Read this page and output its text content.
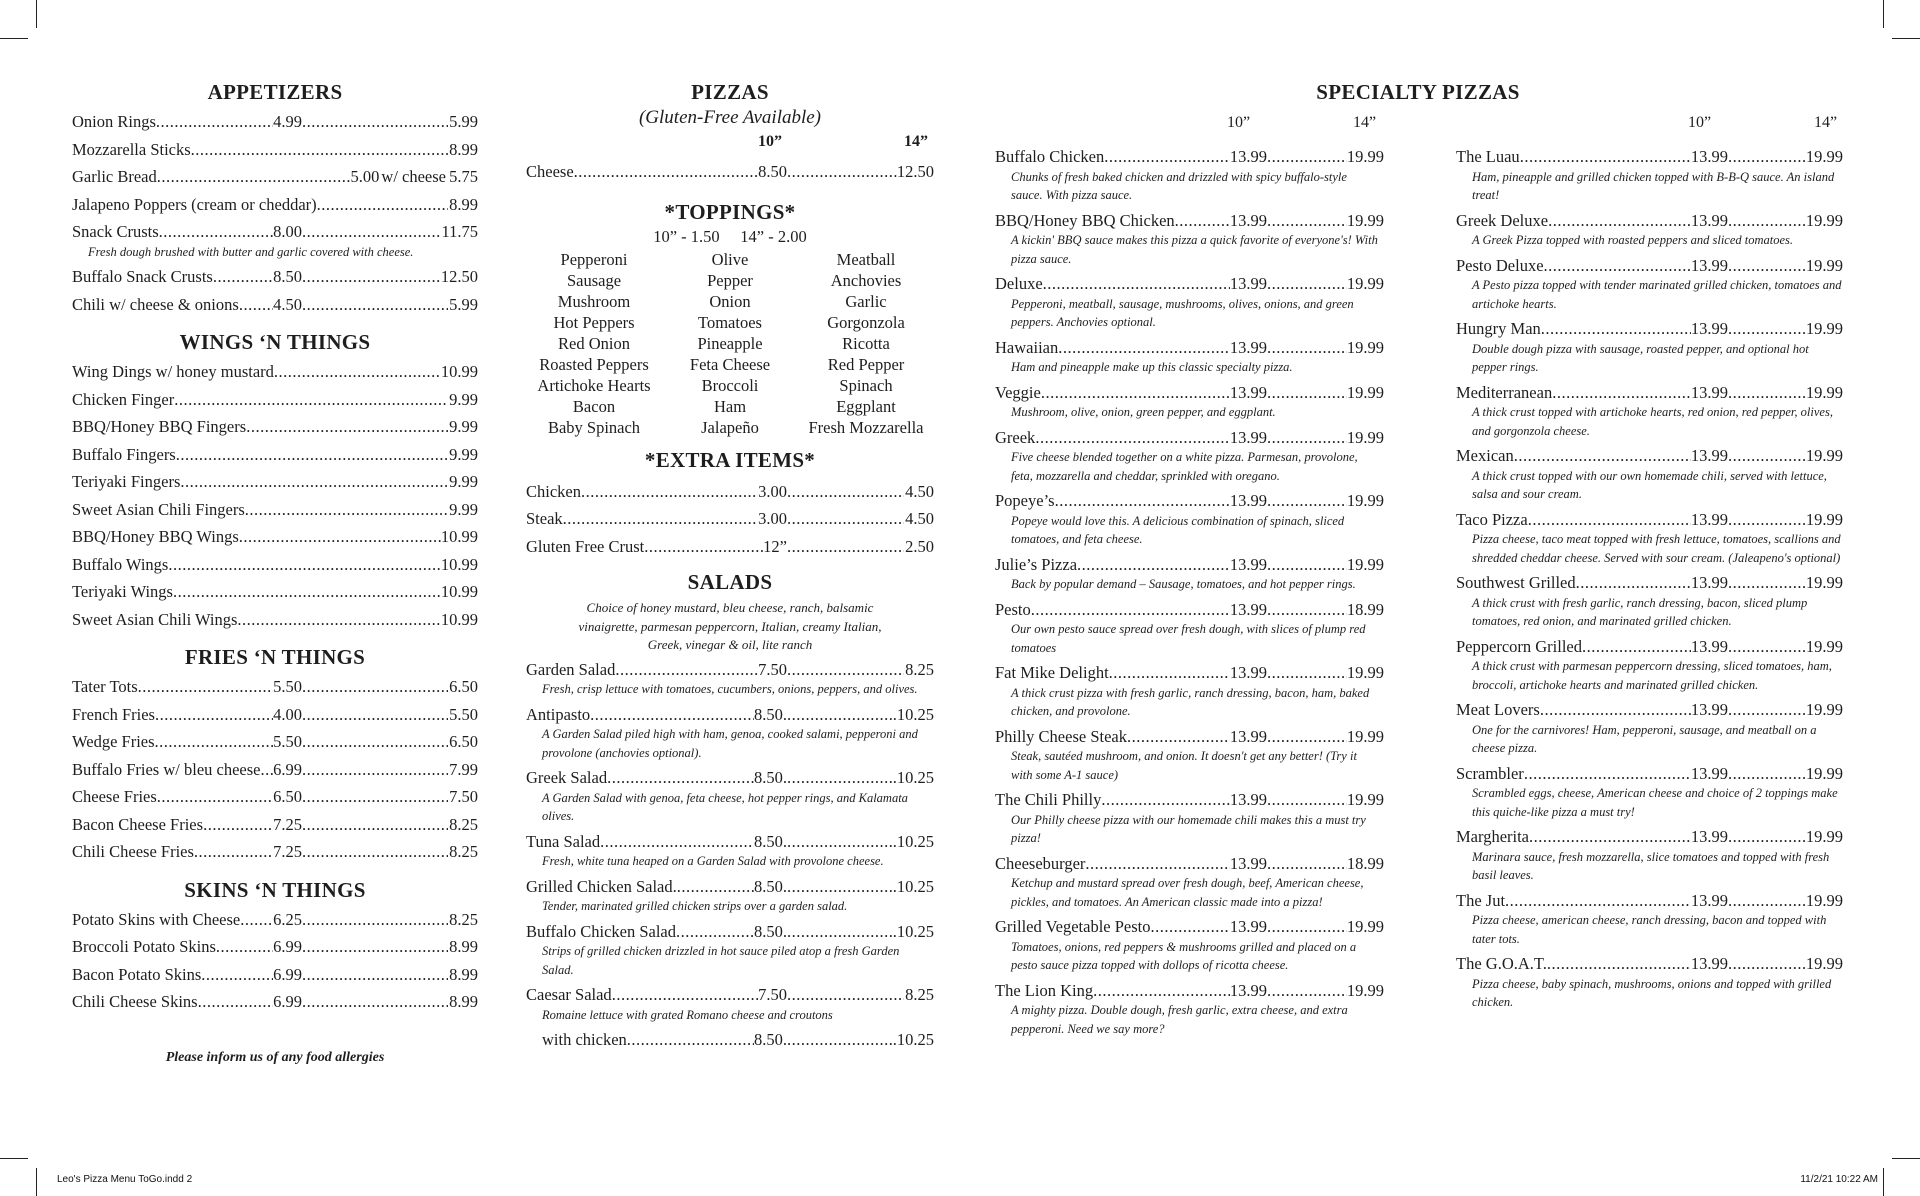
Leo's Pizza Menu ToGo.indd 2	11/2/21 10:22 AM
APPETIZERS
Onion Rings .....	4.99 .....	5.99
Mozzarella Sticks .....	8.99
Garlic Bread .....	5.00 w/ cheese 5.75
Jalapeno Poppers (cream or cheddar) .....	8.99
Snack Crusts .....	8.00 .....	11.75
Fresh dough brushed with butter and garlic covered with cheese.
Buffalo Snack Crusts .....	8.50 .....	12.50
Chili w/ cheese & onions ..... 4.50 .....	5.99
WINGS ‘N THINGS
Wing Dings w/ honey mustard .....	10.99
Chicken Finger .....	9.99
BBQ/Honey BBQ Fingers .....	9.99
Buffalo Fingers .....	9.99
Teriyaki Fingers .....	9.99
Sweet Asian Chili Fingers .....	9.99
BBQ/Honey BBQ Wings .....	10.99
Buffalo Wings .....	10.99
Teriyaki Wings .....	10.99
Sweet Asian Chili Wings .....	10.99
FRIES ‘N THINGS
Tater Tots .....	5.50 .....	6.50
French Fries .....	4.00 .....	5.50
Wedge Fries .....	5.50 .....	6.50
Buffalo Fries w/ bleu cheese ..... 6.99 .....	7.99
Cheese Fries .....	6.50 .....	7.50
Bacon Cheese Fries .....	7.25 .....	8.25
Chili Cheese Fries .....	7.25 .....	8.25
SKINS ‘N THINGS
Potato Skins with Cheese ..... 6.25 .....	8.25
Broccoli Potato Skins .....	6.99 .....	8.99
Bacon Potato Skins .....	6.99 .....	8.99
Chili Cheese Skins .....	6.99 .....	8.99
Please inform us of any food allergies
PIZZAS
(Gluten-Free Available)
10”	14”
Cheese .....	8.50 .....	12.50
*TOPPINGS*
10” - 1.50     14” - 2.00
Pepperoni	Olive	Meatball
Sausage	Pepper	Anchovies
Mushroom	Onion	Garlic
Hot Peppers	Tomatoes	Gorgonzola
Red Onion	Pineapple	Ricotta
Roasted Peppers	Feta Cheese	Red Pepper
Artichoke Hearts	Broccoli	Spinach
Bacon	Ham	Eggplant
Baby Spinach	Jalapeño	Fresh Mozzarella
*EXTRA ITEMS*
Chicken .....	3.00 .....	4.50
Steak .....	3.00 .....	4.50
Gluten Free Crust .....	12” .....	2.50
SALADS
Choice of honey mustard, bleu cheese, ranch, balsamic vinaigrette, parmesan peppercorn, Italian, creamy Italian, Greek, vinegar & oil, lite ranch
Garden Salad .....	7.50 .....	8.25
Fresh, crisp lettuce with tomatoes, cucumbers, onions, peppers, and olives.
Antipasto .....	8.50. .....	.10.25
A Garden Salad piled high with ham, genoa, cooked salami, pepperoni and provolone (anchovies optional).
Greek Salad .....	8.50. .....	.10.25
A Garden Salad with genoa, feta cheese, hot pepper rings, and Kalamata olives.
Tuna Salad .....	8.50. .....	.10.25
Fresh, white tuna heaped on a Garden Salad with provolone cheese.
Grilled Chicken Salad. .....	8.50. .....	.10.25
Tender, marinated grilled chicken strips over a garden salad.
Buffalo Chicken Salad .....	8.50. .....	.10.25
Strips of grilled chicken drizzled in hot sauce piled atop a fresh Garden Salad.
Caesar Salad .....	7.50 .....	8.25
Romaine lettuce with grated Romano cheese and croutons
with chicken .....	8.50. .....	.10.25
SPECIALTY PIZZAS
10”	14”
Buffalo Chicken .....	13.99 .....	19.99
Chunks of fresh baked chicken and drizzled with spicy buffalo-style sauce. With pizza sauce.
BBQ/Honey BBQ Chicken .....	13.99 .....	19.99
A kickin' BBQ sauce makes this pizza a quick favorite of everyone's! With pizza sauce.
Deluxe .....	13.99 .....	19.99
Pepperoni, meatball, sausage, mushrooms, olives, onions, and green peppers. Anchovies optional.
Hawaiian .....	13.99 .....	19.99
Ham and pineapple make up this classic specialty pizza.
Veggie .....	13.99 .....	19.99
Mushroom, olive, onion, green pepper, and eggplant.
Greek .....	13.99 .....	19.99
Five cheese blended together on a white pizza. Parmesan, provolone, feta, mozzarella and cheddar, sprinkled with oregano.
Popeye’s .....	13.99 .....	19.99
Popeye would love this. A delicious combination of spinach, sliced tomatoes, and feta cheese.
Julie’s Pizza .....	13.99 .....	19.99
Back by popular demand – Sausage, tomatoes, and hot pepper rings.
Pesto .....	13.99 .....	18.99
Our own pesto sauce spread over fresh dough, with slices of plump red tomatoes
Fat Mike Delight .....	13.99 .....	19.99
A thick crust pizza with fresh garlic, ranch dressing, bacon, ham, baked chicken, and provolone.
Philly Cheese Steak .....	13.99 .....	19.99
Steak, sautéed mushroom, and onion. It doesn't get any better! (Try it with some A-1 sauce)
The Chili Philly .....	13.99 .....	19.99
Our Philly cheese pizza with our homemade chili makes this a must try pizza!
Cheeseburger .....	13.99 .....	18.99
Ketchup and mustard spread over fresh dough, beef, American cheese, pickles, and tomatoes. An American classic made into a pizza!
Grilled Vegetable Pesto .....	13.99 .....	19.99
Tomatoes, onions, red peppers & mushrooms grilled and placed on a pesto sauce pizza topped with dollops of ricotta cheese.
The Lion King .....	13.99 .....	19.99
A mighty pizza. Double dough, fresh garlic, extra cheese, and extra pepperoni. Need we say more?
10”	14”
The Luau .....	13.99 .....	19.99
Ham, pineapple and grilled chicken topped with B-B-Q sauce. An island treat!
Greek Deluxe .....	13.99 .....	19.99
A Greek Pizza topped with roasted peppers and sliced tomatoes.
Pesto Deluxe .....	13.99 .....	19.99
A Pesto pizza topped with tender marinated grilled chicken, tomatoes and artichoke hearts.
Hungry Man .....	13.99 .....	19.99
Double dough pizza with sausage, roasted pepper, and optional hot pepper rings.
Mediterranean .....	13.99 .....	19.99
A thick crust topped with artichoke hearts, red onion, red pepper, olives, and gorgonzola cheese.
Mexican .....	13.99 .....	19.99
A thick crust topped with our own homemade chili, served with lettuce, salsa and sour cream.
Taco Pizza .....	13.99 .....	19.99
Pizza cheese, taco meat topped with fresh lettuce, tomatoes, scallions and shredded cheddar cheese. Served with sour cream. (Jaleapeno's optional)
Southwest Grilled .....	13.99 .....	19.99
A thick crust with fresh garlic, ranch dressing, bacon, sliced plump tomatoes, red onion, and marinated grilled chicken.
Peppercorn Grilled .....	13.99 .....	19.99
A thick crust with parmesan peppercorn dressing, sliced tomatoes, ham, broccoli, artichoke hearts and marinated grilled chicken.
Meat Lovers .....	13.99 .....	19.99
One for the carnivores! Ham, pepperoni, sausage, and meatball on a cheese pizza.
Scrambler .....	13.99 .....	19.99
Scrambled eggs, cheese, American cheese and choice of 2 toppings make this quiche-like pizza a must try!
Margherita .....	13.99 .....	19.99
Marinara sauce, fresh mozzarella, slice tomatoes and topped with fresh basil leaves.
The Jut .....	13.99 .....	19.99
Pizza cheese, american cheese, ranch dressing, bacon and topped with tater tots.
The G.O.A.T. .....	13.99 .....	19.99
Pizza cheese, baby spinach, mushrooms, onions and topped with grilled chicken.
